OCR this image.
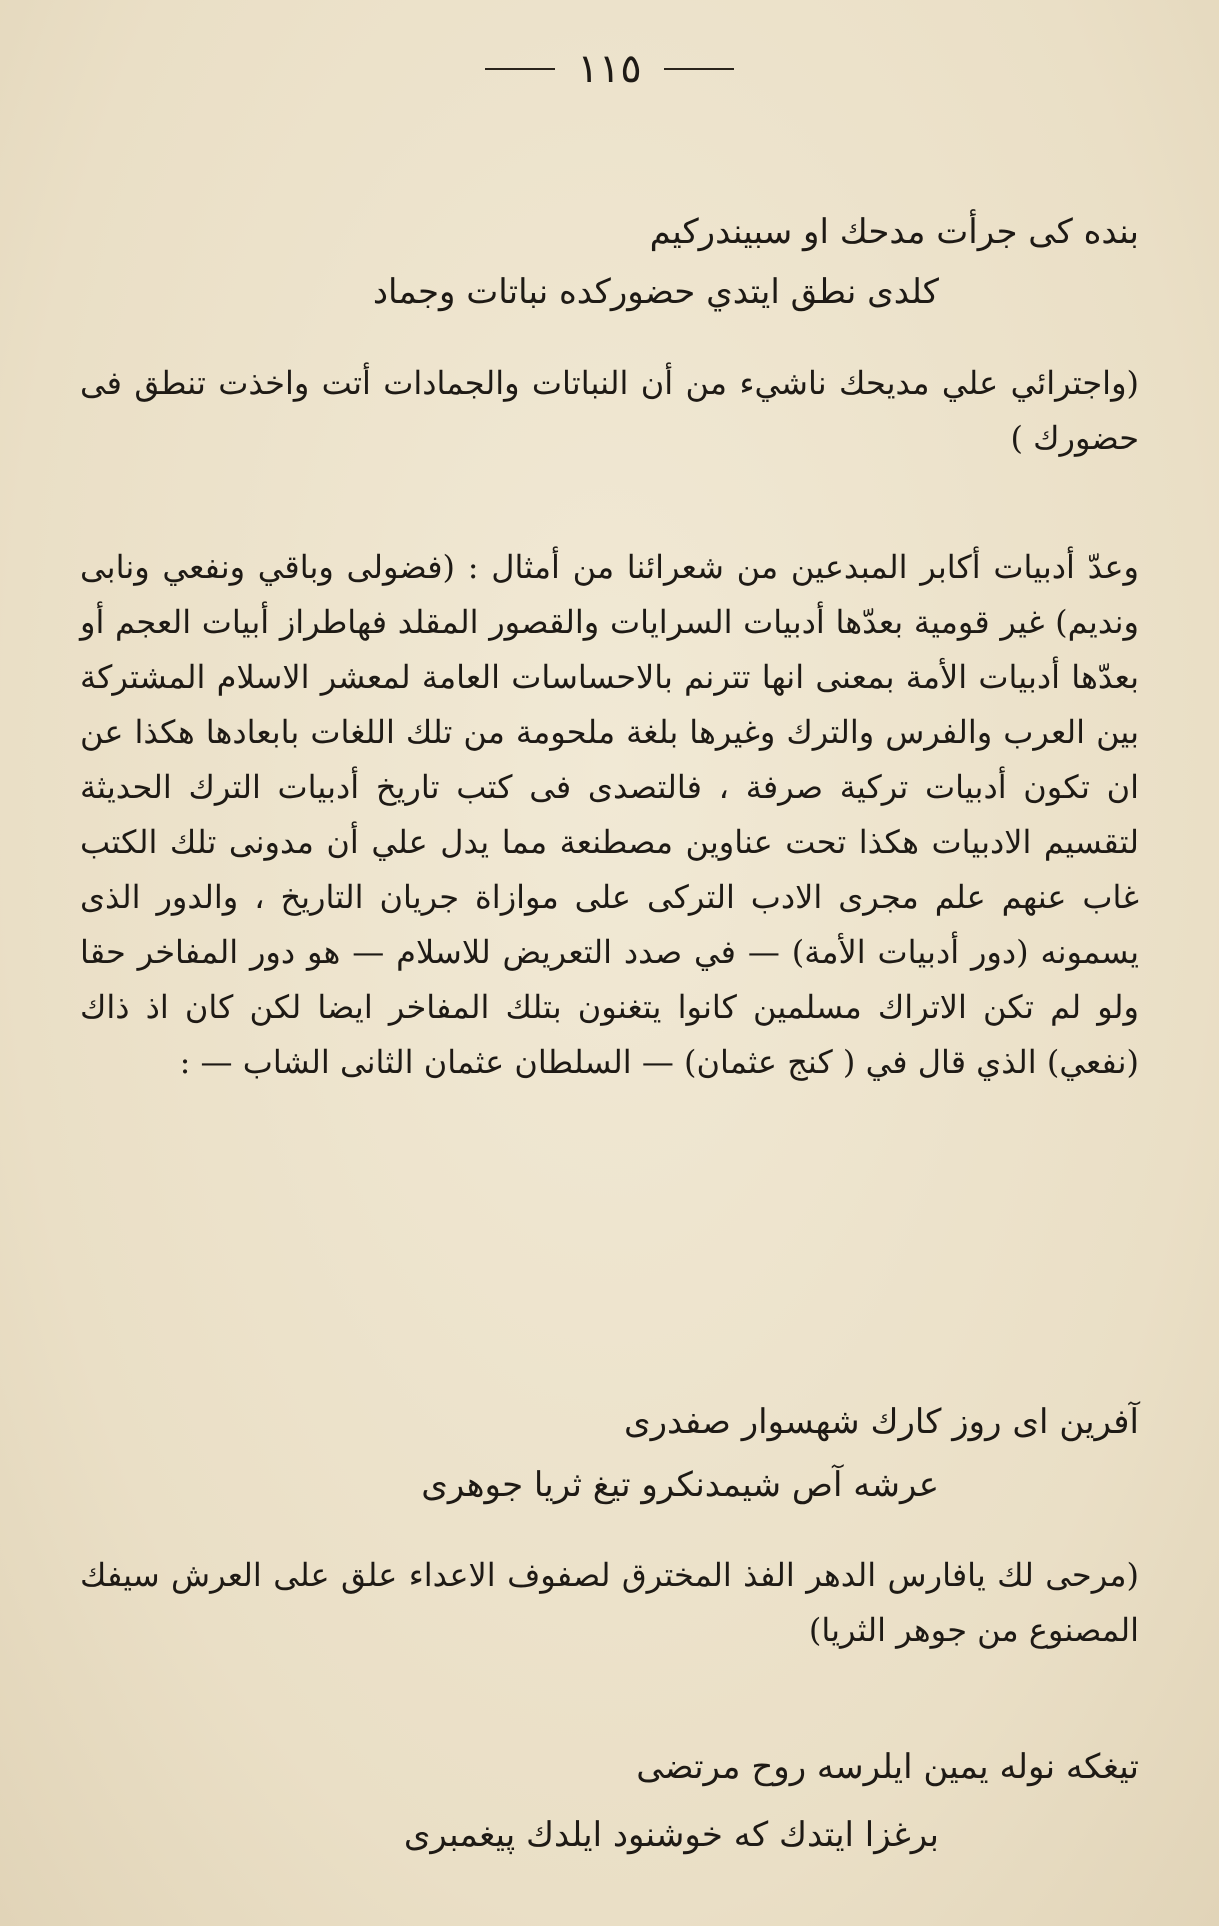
١١٥
بنده كى جرأت مدحك او سبيندركيم
كلدى نطق ايتدي حضوركده نباتات وجماد
(واجترائي علي مديحك ناشيء من أن النباتات والجمادات أتت واخذت تنطق فى حضورك )
وعدّ أدبيات أكابر المبدعين من شعرائنا من أمثال : (فضولى وباقي ونفعي ونابى ونديم) غير قومية بعدّها أدبيات السرايات والقصور المقلد فهاطراز أبيات العجم أو بعدّها أدبيات الأمة بمعنى انها تترنم بالاحساسات العامة لمعشر الاسلام المشتركة بين العرب والفرس والترك وغيرها بلغة ملحومة من تلك اللغات بابعادها هكذا عن ان تكون أدبيات تركية صرفة ، فالتصدى فى كتب تاريخ أدبيات الترك الحديثة لتقسيم الادبيات هكذا تحت عناوين مصطنعة مما يدل علي أن مدونى تلك الكتب غاب عنهم علم مجرى الادب التركى على موازاة جريان التاريخ ، والدور الذى يسمونه (دور أدبيات الأمة) — في صدد التعريض للاسلام — هو دور المفاخر حقا ولو لم تكن الاتراك مسلمين كانوا يتغنون بتلك المفاخر ايضا لكن كان اذ ذاك (نفعي) الذي قال في ( كنج عثمان) — السلطان عثمان الثانى الشاب — :
آفرين اى روز كارك شهسوار صفدرى
عرشه آص شيمدنكرو تيغ ثريا جوهرى
(مرحى لك يافارس الدهر الفذ المخترق لصفوف الاعداء علق على العرش سيفك المصنوع من جوهر الثريا)
تيغكه نوله يمين ايلرسه روح مرتضى
برغزا ايتدك كه خوشنود ايلدك پيغمبرى
